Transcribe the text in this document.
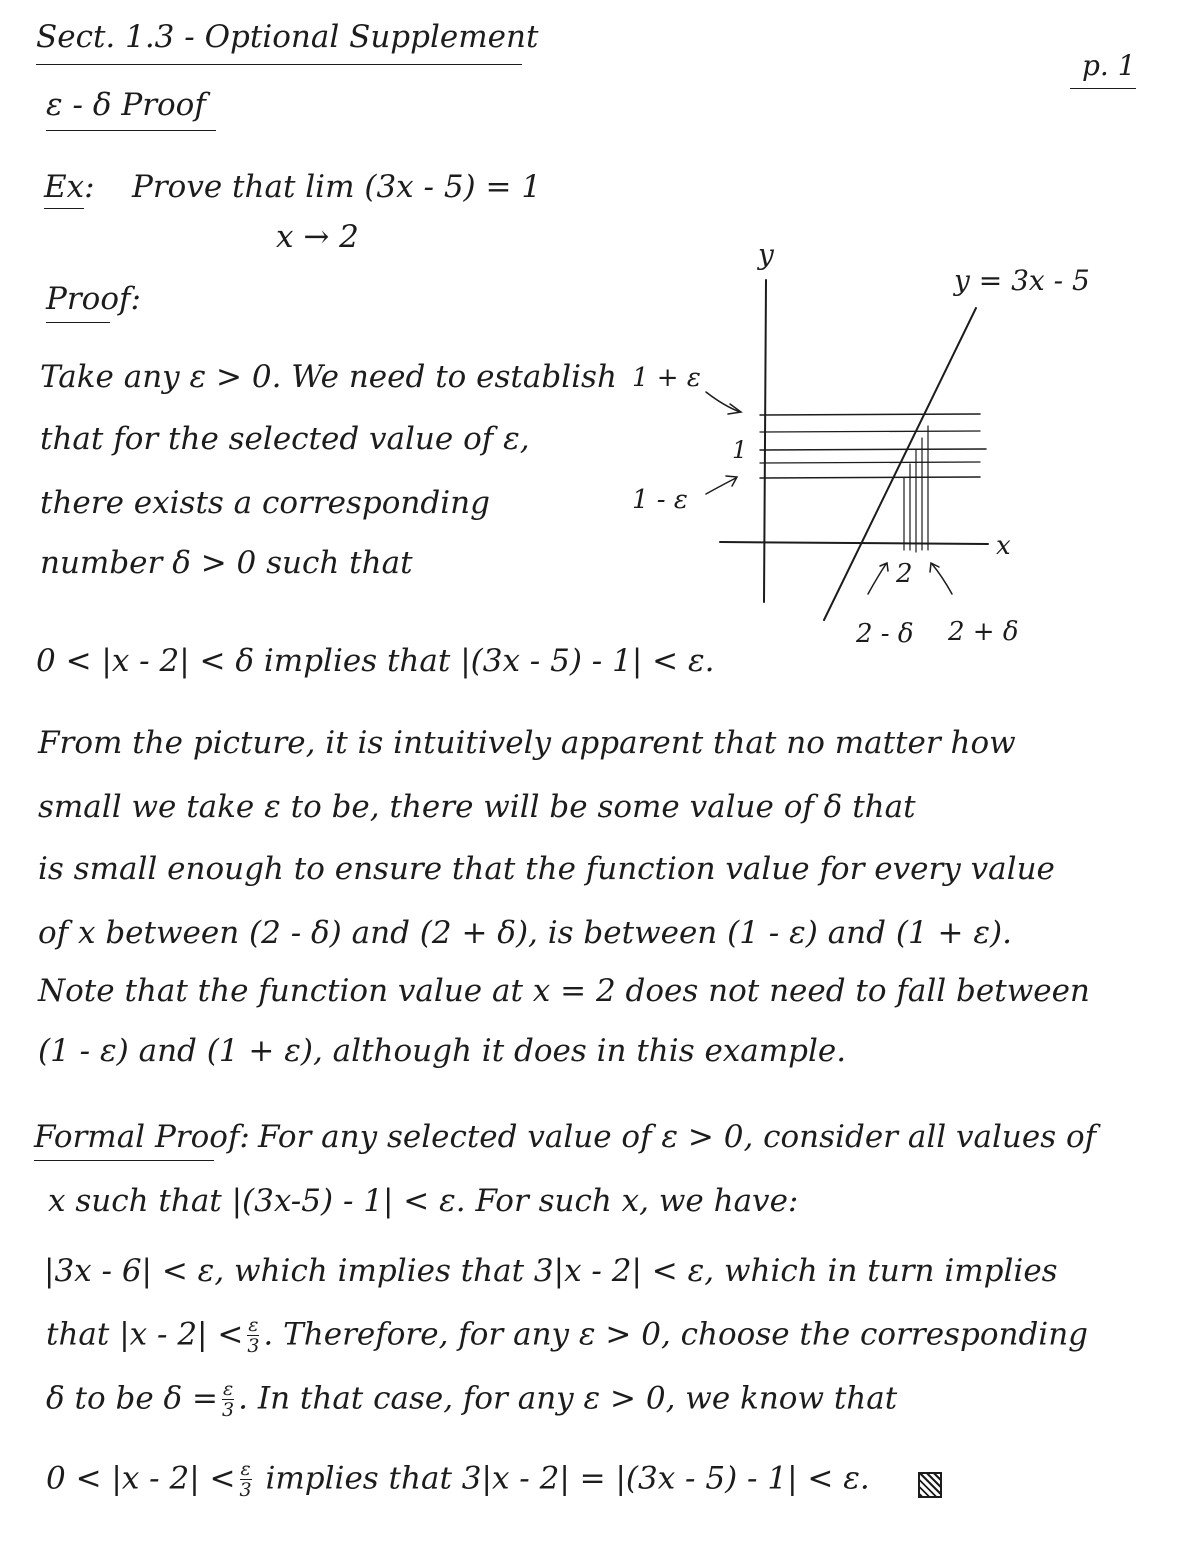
Sect. 1.3 - Optional Supplement
p. 1
ε - δ Proof
Ex: Prove that lim (3x - 5) = 1
x → 2
Proof:
Take any ε > 0. We need to establish
that for the selected value of ε,
there exists a corresponding
number δ > 0 such that
0 < |x - 2| < δ implies that |(3x - 5) - 1| < ε.
y
y = 3x - 5
x
1 + ε
1
1 - ε
2
2 - δ 2 + δ
From the picture, it is intuitively apparent that no matter how
small we take ε to be, there will be some value of δ that
is small enough to ensure that the function value for every value
of x between (2 - δ) and (2 + δ), is between (1 - ε) and (1 + ε).
Note that the function value at x = 2 does not need to fall between
(1 - ε) and (1 + ε), although it does in this example.
Formal Proof: For any selected value of ε > 0, consider all values of
x such that |(3x-5) - 1| < ε. For such x, we have:
|3x - 6| < ε, which implies that 3|x - 2| < ε, which in turn implies
that $|x - 2| < \frac{\varepsilon}{3}$ . Therefore, for any ε > 0, choose the corresponding
δ to be $\delta = \frac{\varepsilon}{3}$ . In that case, for any ε > 0, we know that
$0 < |x - 2| < \frac{\varepsilon}{3}$ implies that 3|x - 2| = |(3x - 5) - 1| < ε.
